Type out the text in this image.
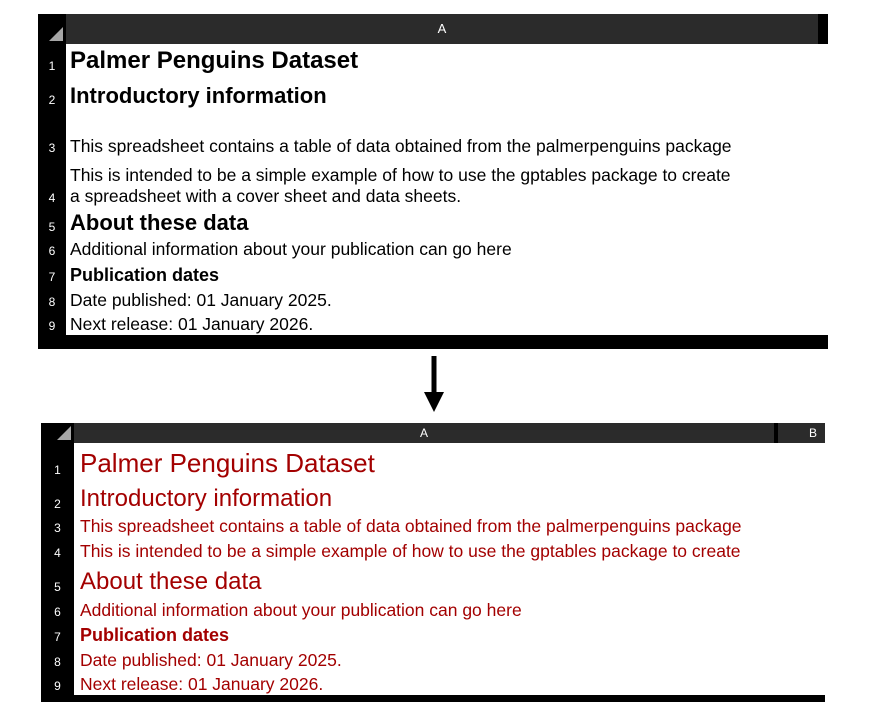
A
1 Palmer Penguins Dataset
2 Introductory information
3 This spreadsheet contains a table of data obtained from the palmerpenguins package
4
This is intended to be a simple example of how to use the gptables package to create
a spreadsheet with a cover sheet and data sheets.
5 About these data
6 Additional information about your publication can go here
7 Publication dates
8 Date published: 01 January 2025.
9 Next release: 01 January 2026.
A	B
1 Palmer Penguins Dataset
2 Introductory information
3	This spreadsheet contains a table of data obtained from the palmerpenguins package
4	This is intended to be a simple example of how to use the gptables package to create
5 About these data
6	Additional information about your publication can go here
7	Publication dates
8	Date published: 01 January 2025.
9	Next release: 01 January 2026.
